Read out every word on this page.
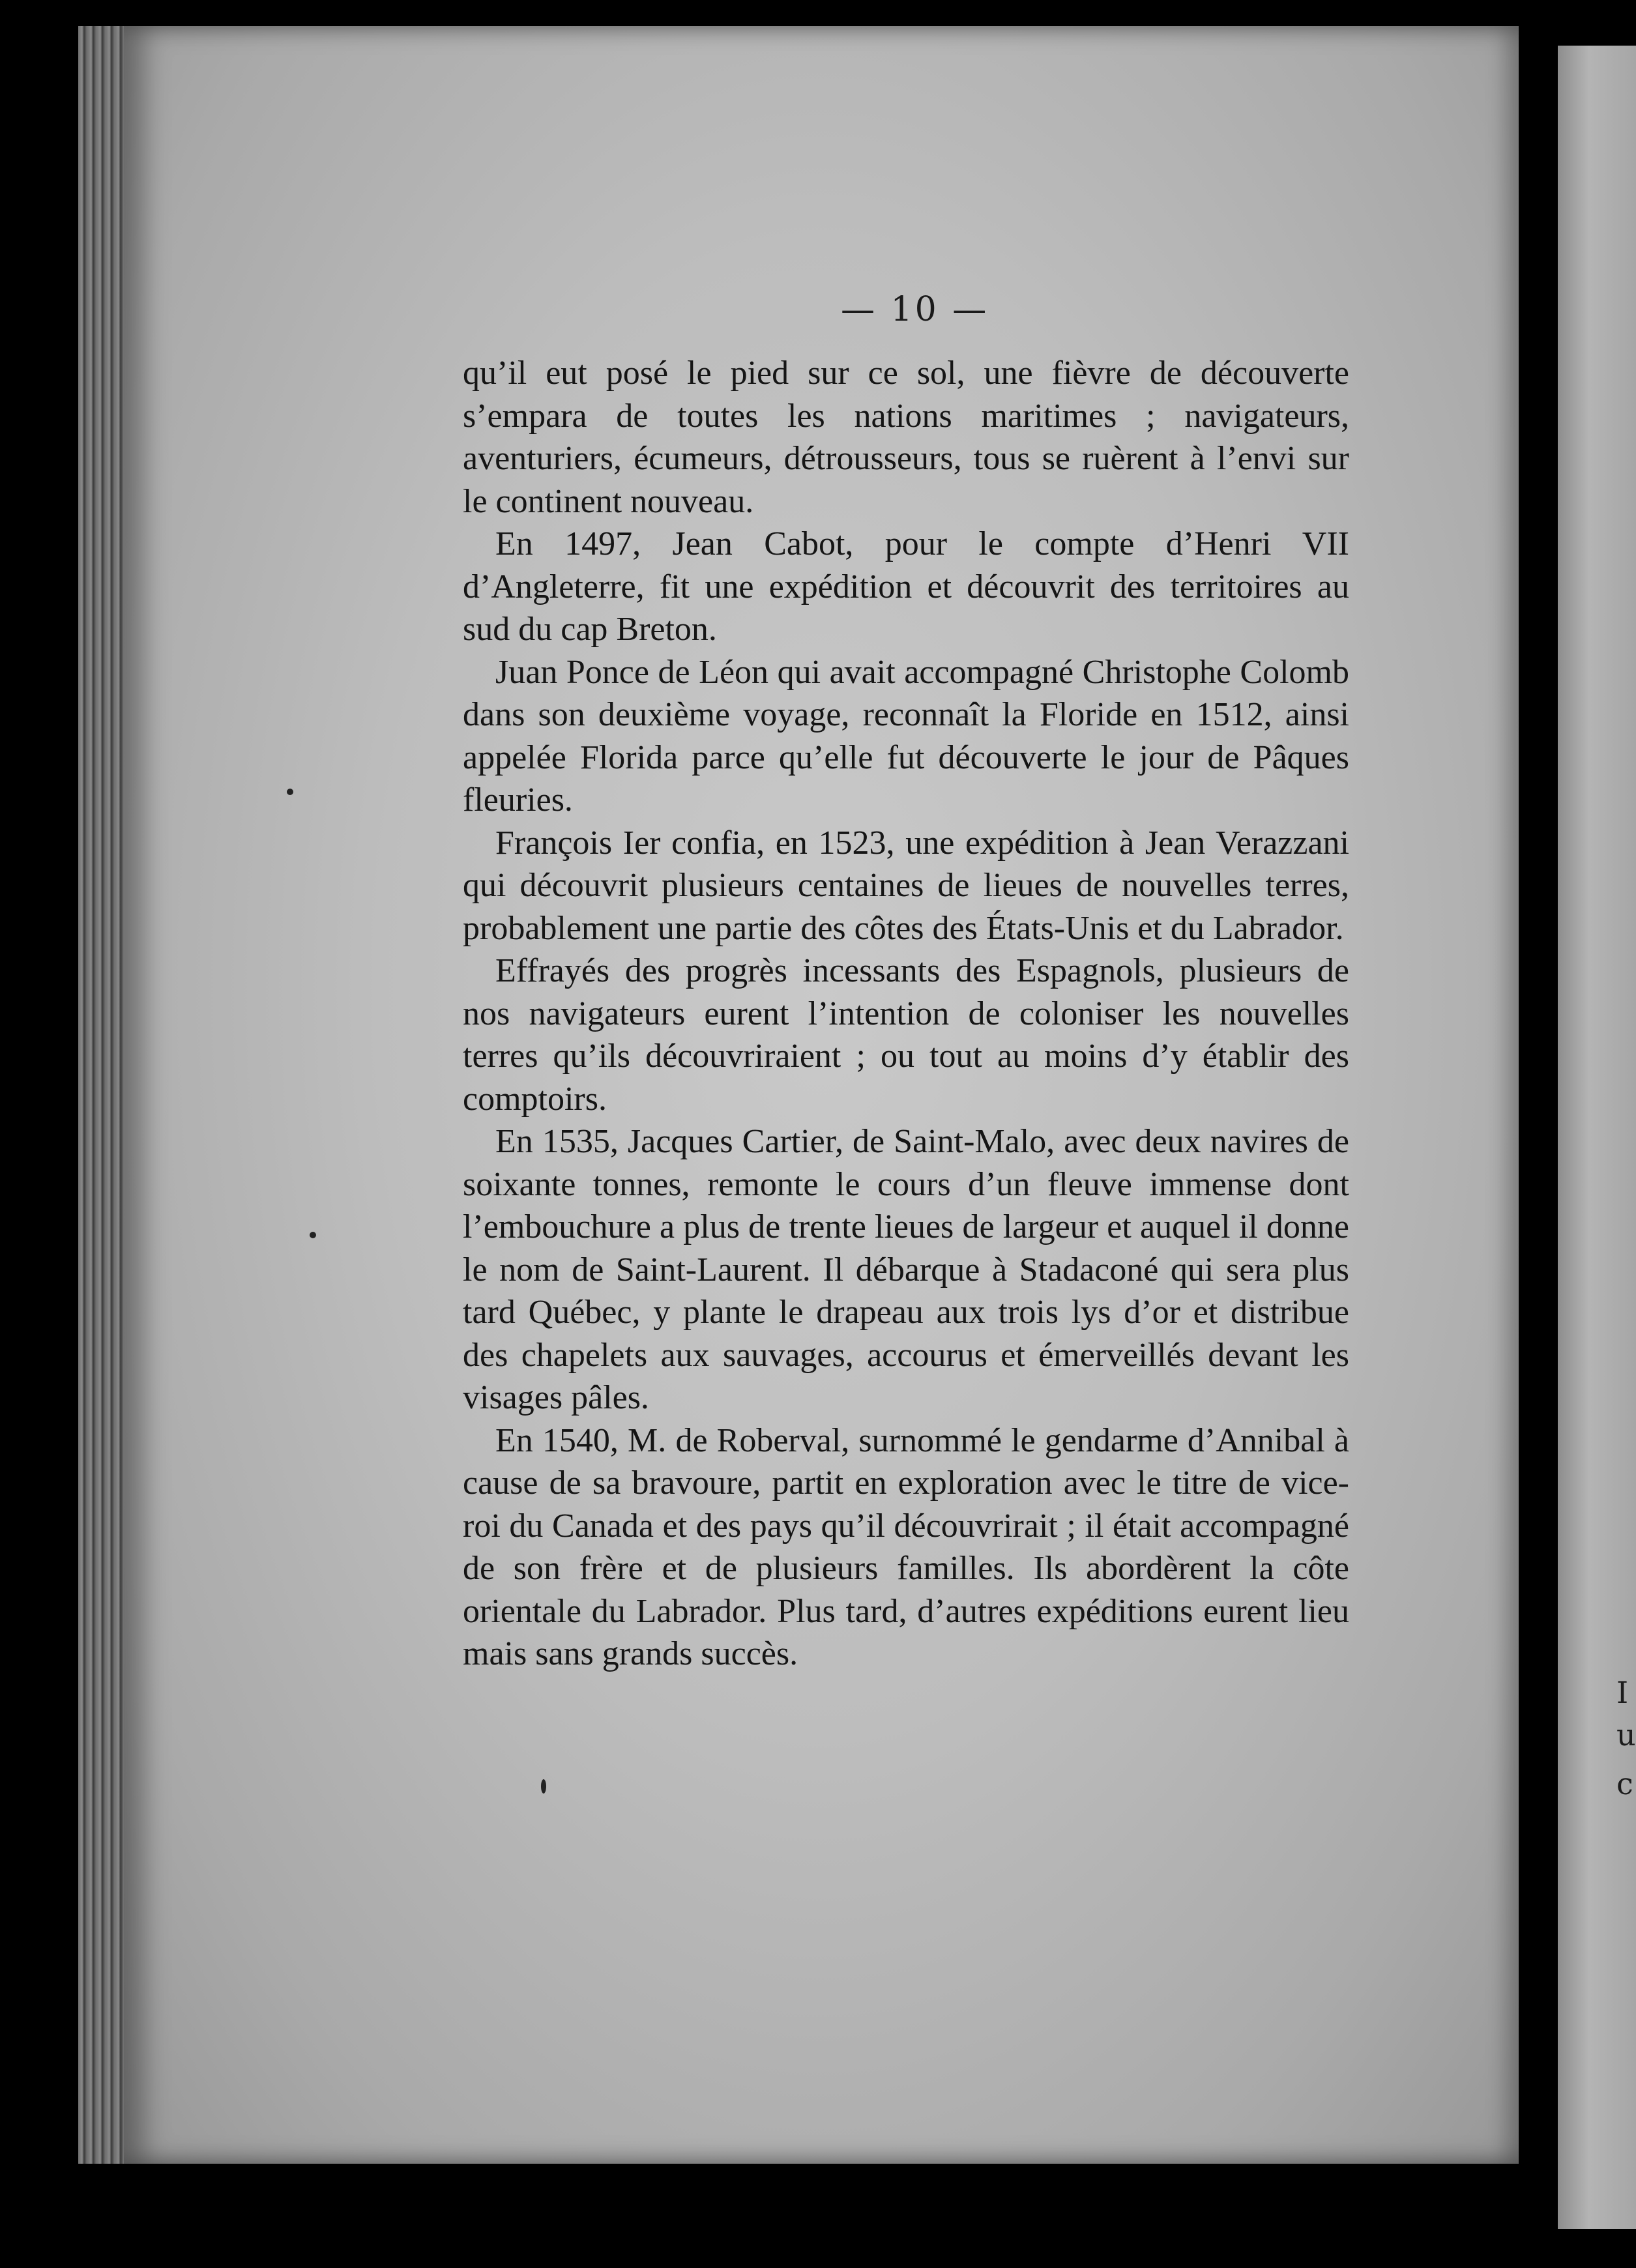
I
u
c
— 10 —

qu’il eut posé le pied sur ce sol, une fièvre de découverte s’empara de toutes les nations maritimes ; navigateurs, aventuriers, écumeurs, détrousseurs, tous se ruèrent à l’envi sur le continent nouveau.

En 1497, Jean Cabot, pour le compte d’Henri VII d’Angleterre, fit une expédition et découvrit des territoires au sud du cap Breton.

Juan Ponce de Léon qui avait accompagné Christophe Colomb dans son deuxième voyage, reconnaît la Floride en 1512, ainsi appelée Florida parce qu’elle fut découverte le jour de Pâques fleuries.

François Ier confia, en 1523, une expédition à Jean Verazzani qui découvrit plusieurs centaines de lieues de nouvelles terres, probablement une partie des côtes des États-Unis et du Labrador.

Effrayés des progrès incessants des Espagnols, plusieurs de nos navigateurs eurent l’intention de coloniser les nouvelles terres qu’ils découvriraient ; ou tout au moins d’y établir des comptoirs.

En 1535, Jacques Cartier, de Saint-Malo, avec deux navires de soixante tonnes, remonte le cours d’un fleuve immense dont l’embouchure a plus de trente lieues de largeur et auquel il donne le nom de Saint-Laurent. Il débarque à Stadaconé qui sera plus tard Québec, y plante le drapeau aux trois lys d’or et distribue des chapelets aux sauvages, accourus et émerveillés devant les visages pâles.

En 1540, M. de Roberval, surnommé le gendarme d’Annibal à cause de sa bravoure, partit en exploration avec le titre de vice-roi du Canada et des pays qu’il découvrirait ; il était accompagné de son frère et de plusieurs familles. Ils abordèrent la côte orientale du Labrador. Plus tard, d’autres expéditions eurent lieu mais sans grands succès.
